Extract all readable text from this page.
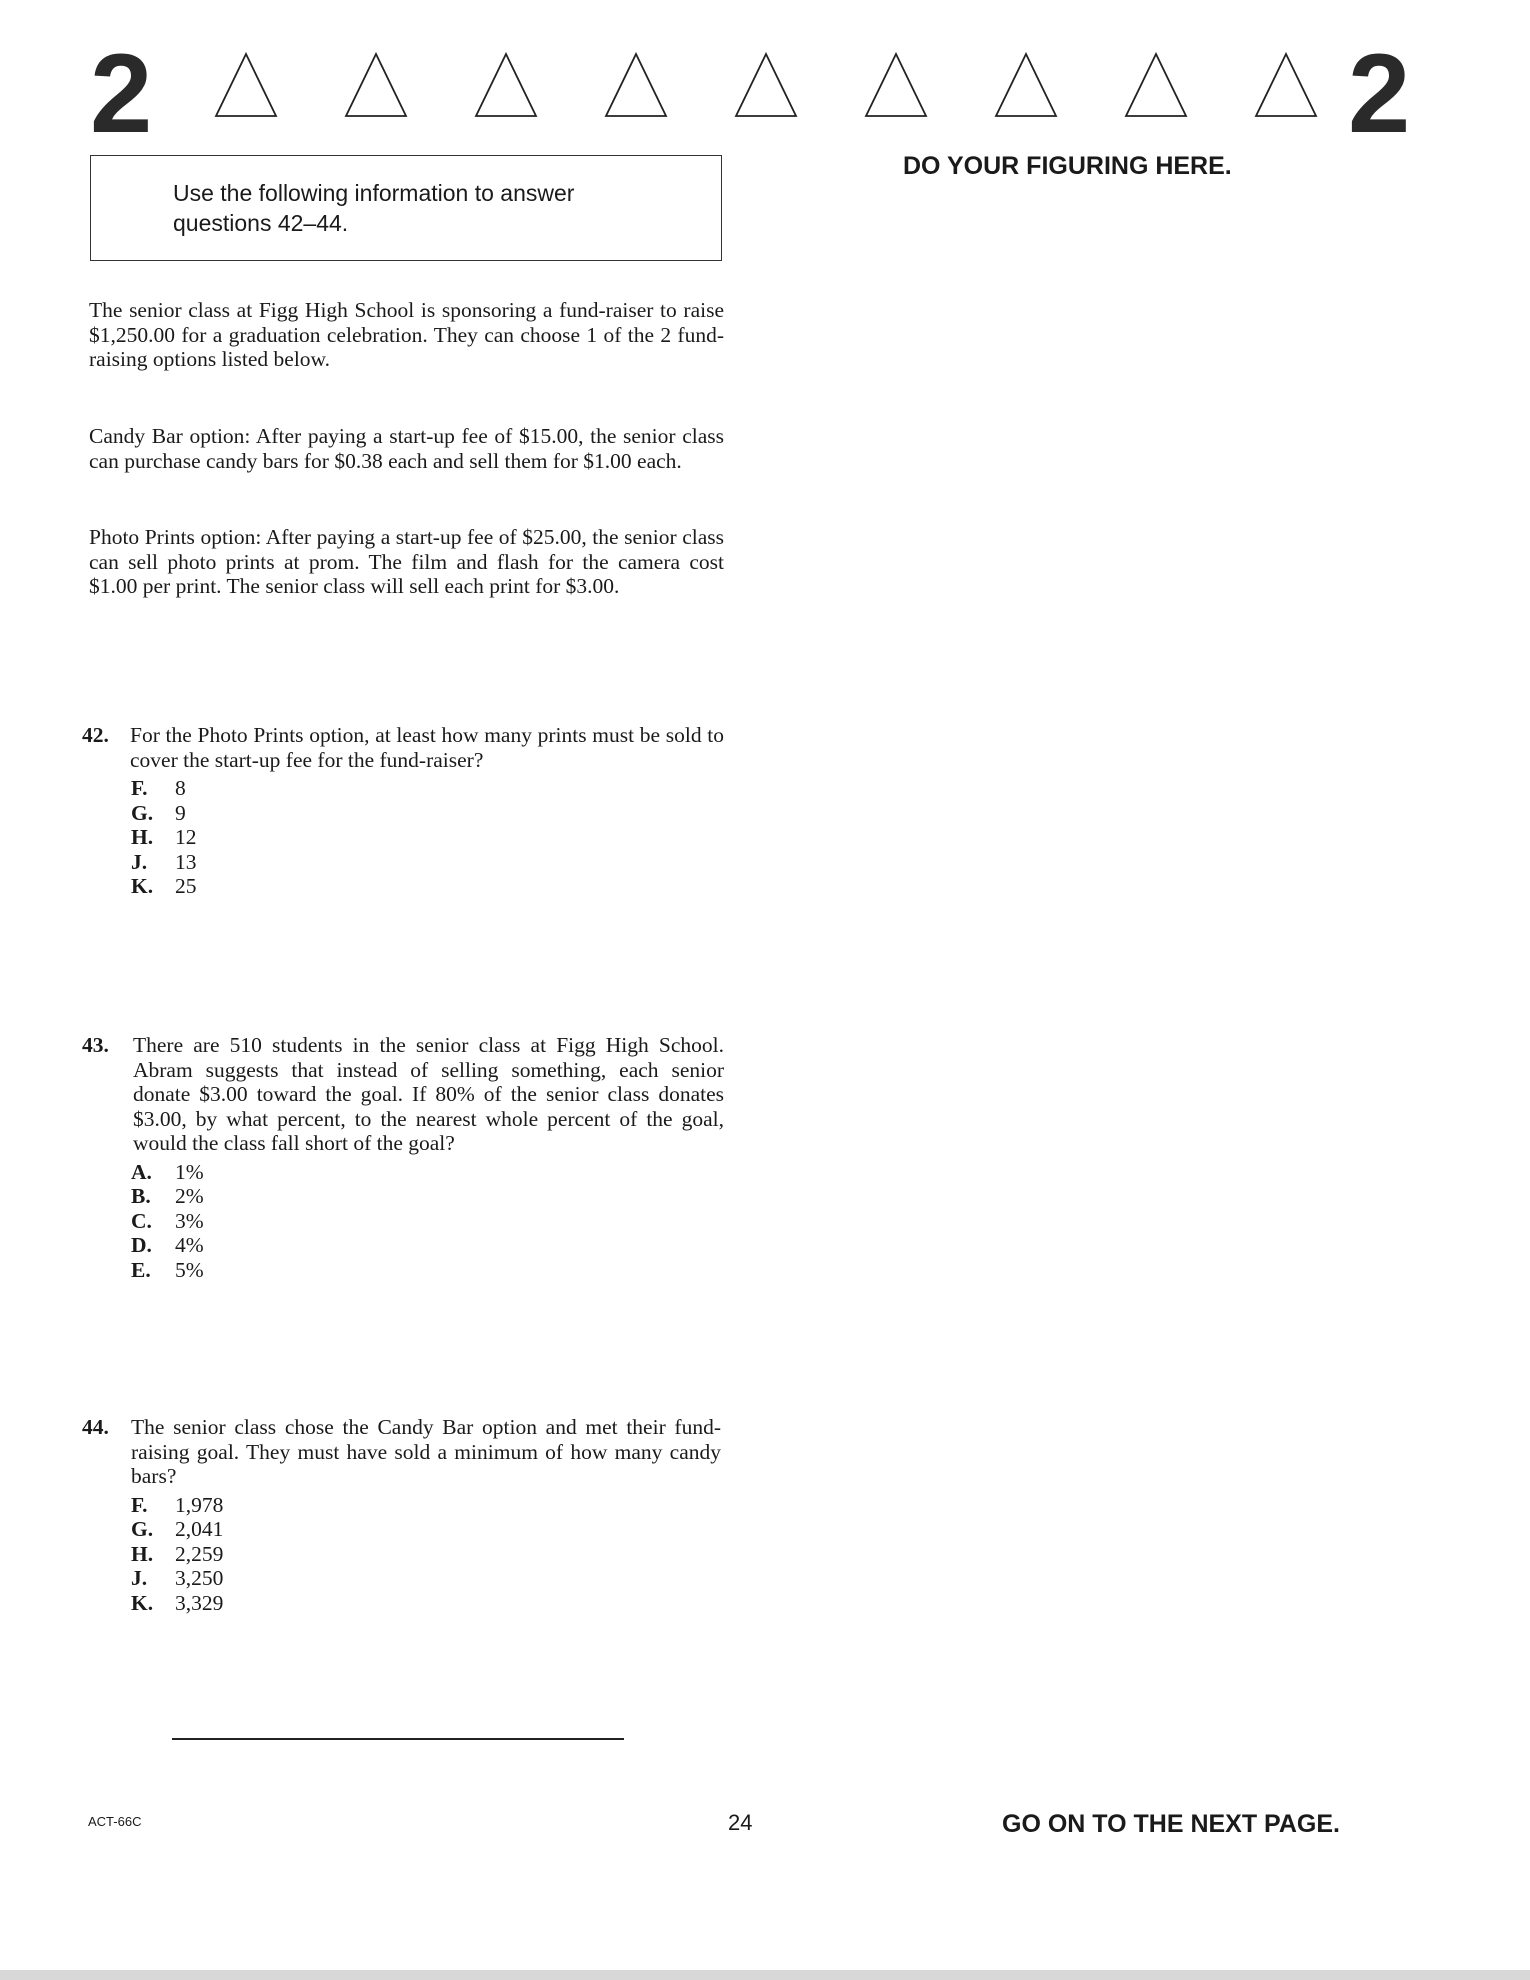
2	2
Use the following information to answer
questions 42–44.
DO YOUR FIGURING HERE.
The senior class at Figg High School is sponsoring a fund-raiser to raise $1,250.00 for a graduation celebration. They can choose 1 of the 2 fund-raising options listed below.
Candy Bar option: After paying a start-up fee of $15.00, the senior class can purchase candy bars for $0.38 each and sell them for $1.00 each.
Photo Prints option: After paying a start-up fee of $25.00, the senior class can sell photo prints at prom. The film and flash for the camera cost $1.00 per print. The senior class will sell each print for $3.00.
42. For the Photo Prints option, at least how many prints must be sold to cover the start-up fee for the fund-raiser?
F. 8
G. 9
H. 12
J. 13
K. 25
43. There are 510 students in the senior class at Figg High School. Abram suggests that instead of selling something, each senior donate $3.00 toward the goal. If 80% of the senior class donates $3.00, by what percent, to the nearest whole percent of the goal, would the class fall short of the goal?
A. 1%
B. 2%
C. 3%
D. 4%
E. 5%
44. The senior class chose the Candy Bar option and met their fund-raising goal. They must have sold a minimum of how many candy bars?
F. 1,978
G. 2,041
H. 2,259
J. 3,250
K. 3,329
ACT-66C	24	GO ON TO THE NEXT PAGE.
